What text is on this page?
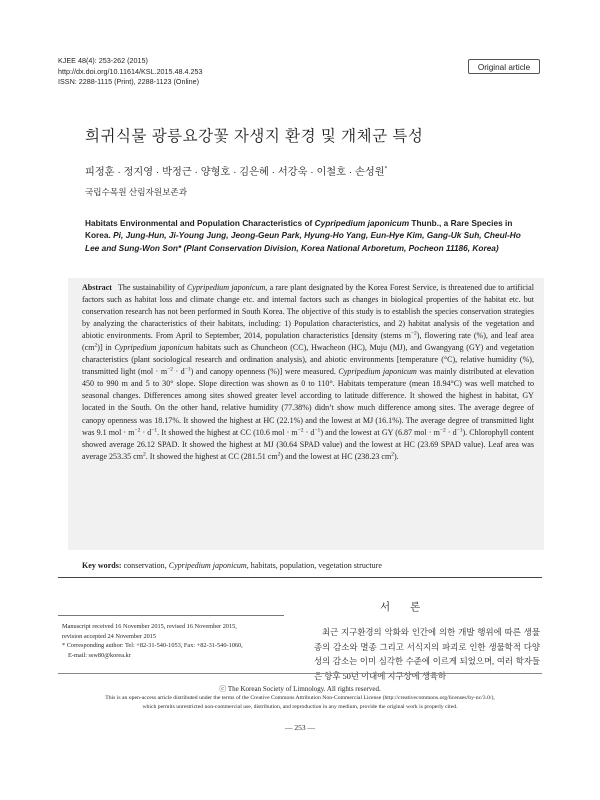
KJEE 48(4): 253-262 (2015)
http://dx.doi.org/10.11614/KSL.2015.48.4.253
ISSN: 2288-1115 (Print), 2288-1123 (Online)
Original article
희귀식물 광릉요강꽃 자생지 환경 및 개체군 특성
피정훈 · 정지영 · 박정근 · 양형호 · 김은혜 · 서강욱 · 이철호 · 손성원*
국립수목원 산림자원보존과
Habitats Environmental and Population Characteristics of Cypripedium japonicum Thunb., a Rare Species in Korea. Pi, Jung-Hun, Ji-Young Jung, Jeong-Geun Park, Hyung-Ho Yang, Eun-Hye Kim, Gang-Uk Suh, Cheul-Ho Lee and Sung-Won Son* (Plant Conservation Division, Korea National Arboretum, Pocheon 11186, Korea)
Abstract The sustainability of Cypripedium japonicum, a rare plant designated by the Korea Forest Service, is threatened due to artificial factors such as habitat loss and climate change etc. and internal factors such as changes in biological properties of the habitat etc. but conservation research has not been performed in South Korea. The objective of this study is to establish the species conservation strategies by analyzing the characteristics of their habitats, including: 1) Population characteristics, and 2) habitat analysis of the vegetation and abiotic environments. From April to September, 2014, population characteristics [density (stems $m^{-2}$), flowering rate (%), and leaf area $(cm^2)$] in Cypripedium japonicum habitats such as Chuncheon (CC), Hwacheon (HC), Muju (MJ), and Gwangyang (GY) and vegetation characteristics (plant sociological research and ordination analysis), and abiotic environments [temperature (°C), relative humidity (%), transmitted light $(mol \cdot m^{-2} \cdot d^{-1})$ and canopy openness (%)] were measured. Cypripedium japonicum was mainly distributed at elevation 450 to 990 m and 5 to 30° slope. Slope direction was shown as 0 to 110°. Habitats temperature (mean 18.94°C) was well matched to seasonal changes. Differences among sites showed greater level according to latitude difference. It showed the highest in habitat, GY located in the South. On the other hand, relative humidity (77.38%) didn’t show much difference among sites. The average degree of canopy openness was 18.17%. It showed the highest at HC (22.1%) and the lowest at MJ (16.1%). The average degree of transmitted light was 9.1 mol · $m^{-2} \cdot d^{-1}$. It showed the highest at CC (10.6 mol · $m^{-2} \cdot d^{-1}$) and the lowest at GY (6.87 mol · $m^{-2} \cdot d^{-1}$). Chlorophyll content showed average 26.12 SPAD. It showed the highest at MJ (30.64 SPAD value) and the lowest at HC (23.69 SPAD value). Leaf area was average 253.35 $cm^2$. It showed the highest at CC (281.51 $cm^2$) and the lowest at HC (238.23 $cm^2$).
Key words: conservation, Cypripedium japonicum, habitats, population, vegetation structure
서론

최근 지구환경의 악화와 인간에 의한 개발 행위에 따른 생물종의 감소와 멸종 그리고 서식지의 파괴로 인한 생물학적 다양성의 감소는 이미 심각한 수준에 이르게 되었으며, 여러 학자들은 향후 50년 이내에 지구상에 생육하

Manuscript received 16 November 2015, revised 16 November 2015,
revision accepted 24 November 2015
* Corresponding author: Tel: +82-31-540-1053, Fax: +82-31-540-1060,
E-mail: ssw80@korea.kr
ⓒ The Korean Society of Limnology. All rights reserved.
This is an open-access article distributed under the terms of the Creative Commons Attribution Non-Commercial License (http://creativecommons.org/licenses/by-nc/3.0/),
which permits unrestricted non-commercial use, distribution, and reproduction in any medium, provide the original work is properly cited.
— 253 —
